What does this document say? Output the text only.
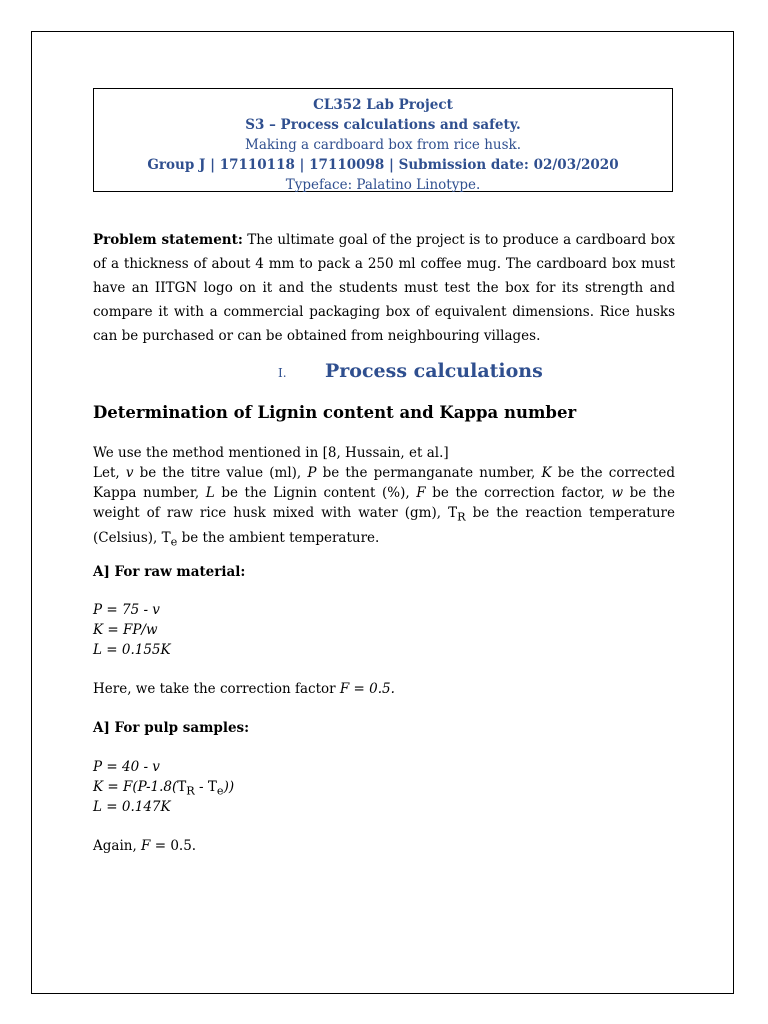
CL352 Lab Project
S3 – Process calculations and safety.
Making a cardboard box from rice husk.
Group J | 17110118 | 17110098 | Submission date: 02/03/2020
Typeface: Palatino Linotype.
Problem statement: The ultimate goal of the project is to produce a cardboard box of a thickness of about 4 mm to pack a 250 ml coffee mug. The cardboard box must have an IITGN logo on it and the students must test the box for its strength and compare it with a commercial packaging box of equivalent dimensions. Rice husks can be purchased or can be obtained from neighbouring villages.
I. Process calculations
Determination of Lignin content and Kappa number
We use the method mentioned in [8, Hussain, et al.]
Let, v be the titre value (ml), P be the permanganate number, K be the corrected Kappa number, L be the Lignin content (%), F be the correction factor, w be the weight of raw rice husk mixed with water (gm), $T_R$ be the reaction temperature (Celsius), $T_e$ be the ambient temperature.
A] For raw material:
P = 75 - v
K = FP/w
L = 0.155K
Here, we take the correction factor F = 0.5.
A] For pulp samples:
P = 40 - v
$K = F(P-1.8(T_R - T_e))$
L = 0.147K
Again, F = 0.5.
